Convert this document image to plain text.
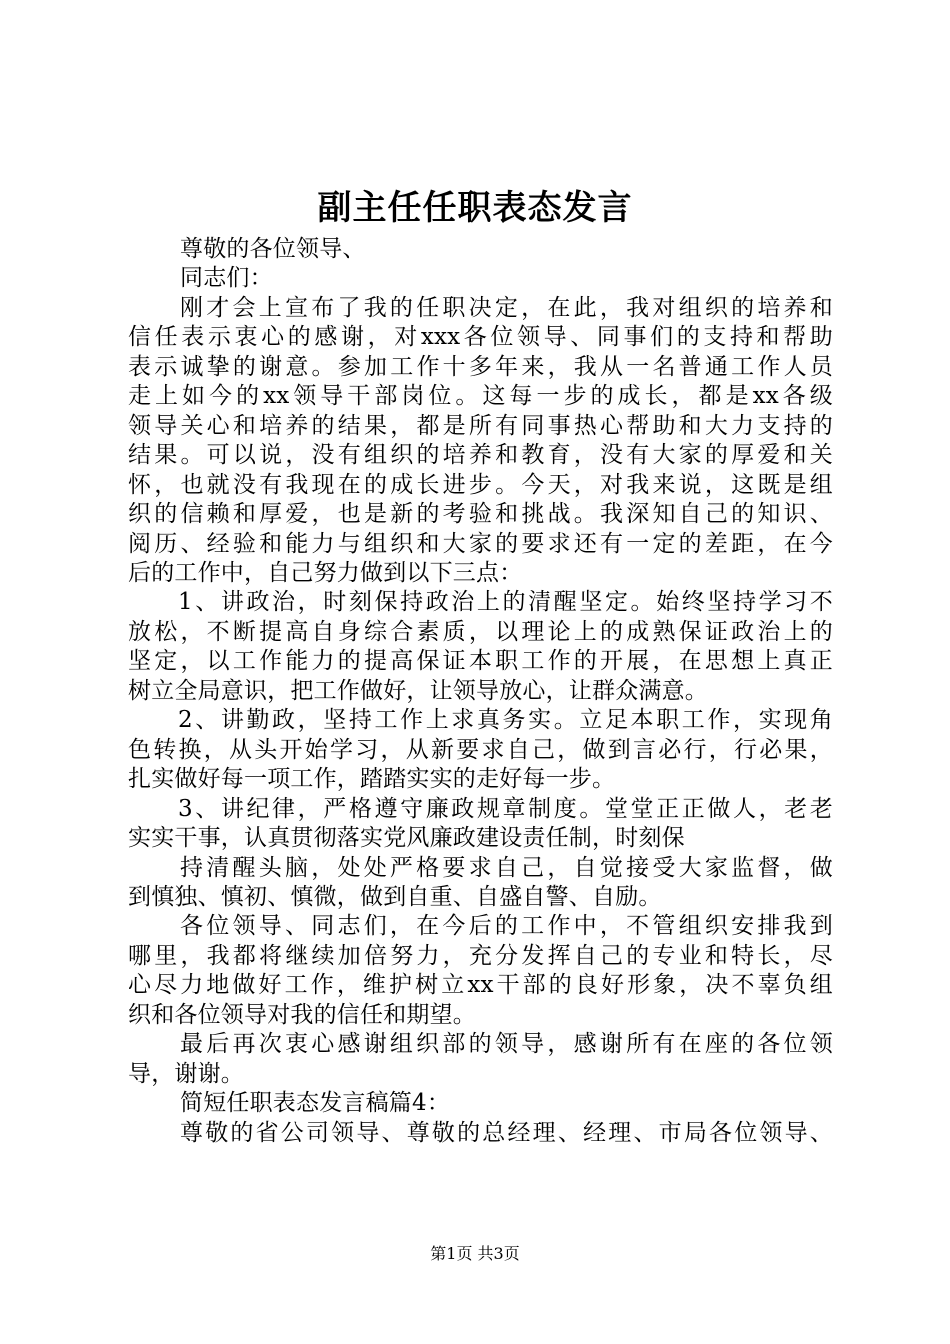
副主任任职表态发言
尊敬的各位领导、
同志们：
刚才会上宣布了我的任职决定，在此，我对组织的培养和
信任表示衷心的感谢，对xxx各位领导、同事们的支持和帮助
表示诚挚的谢意。参加工作十多年来，我从一名普通工作人员
走上如今的xx领导干部岗位。这每一步的成长，都是xx各级
领导关心和培养的结果，都是所有同事热心帮助和大力支持的
结果。可以说，没有组织的培养和教育，没有大家的厚爱和关
怀，也就没有我现在的成长进步。今天，对我来说，这既是组
织的信赖和厚爱，也是新的考验和挑战。我深知自己的知识、
阅历、经验和能力与组织和大家的要求还有一定的差距，在今
后的工作中，自己努力做到以下三点：
1、讲政治，时刻保持政治上的清醒坚定。始终坚持学习不
放松，不断提高自身综合素质，以理论上的成熟保证政治上的
坚定，以工作能力的提高保证本职工作的开展，在思想上真正
树立全局意识，把工作做好，让领导放心，让群众满意。
2、讲勤政，坚持工作上求真务实。立足本职工作，实现角
色转换，从头开始学习，从新要求自己，做到言必行，行必果，
扎实做好每一项工作，踏踏实实的走好每一步。
3、讲纪律，严格遵守廉政规章制度。堂堂正正做人，老老
实实干事，认真贯彻落实党风廉政建设责任制，时刻保
持清醒头脑，处处严格要求自己，自觉接受大家监督，做
到慎独、慎初、慎微，做到自重、自盛自警、自励。
各位领导、同志们，在今后的工作中，不管组织安排我到
哪里，我都将继续加倍努力，充分发挥自己的专业和特长，尽
心尽力地做好工作，维护树立xx干部的良好形象，决不辜负组
织和各位领导对我的信任和期望。
最后再次衷心感谢组织部的领导，感谢所有在座的各位领
导，谢谢。
简短任职表态发言稿篇4：
尊敬的省公司领导、尊敬的总经理、经理、市局各位领导、
第1页 共3页
